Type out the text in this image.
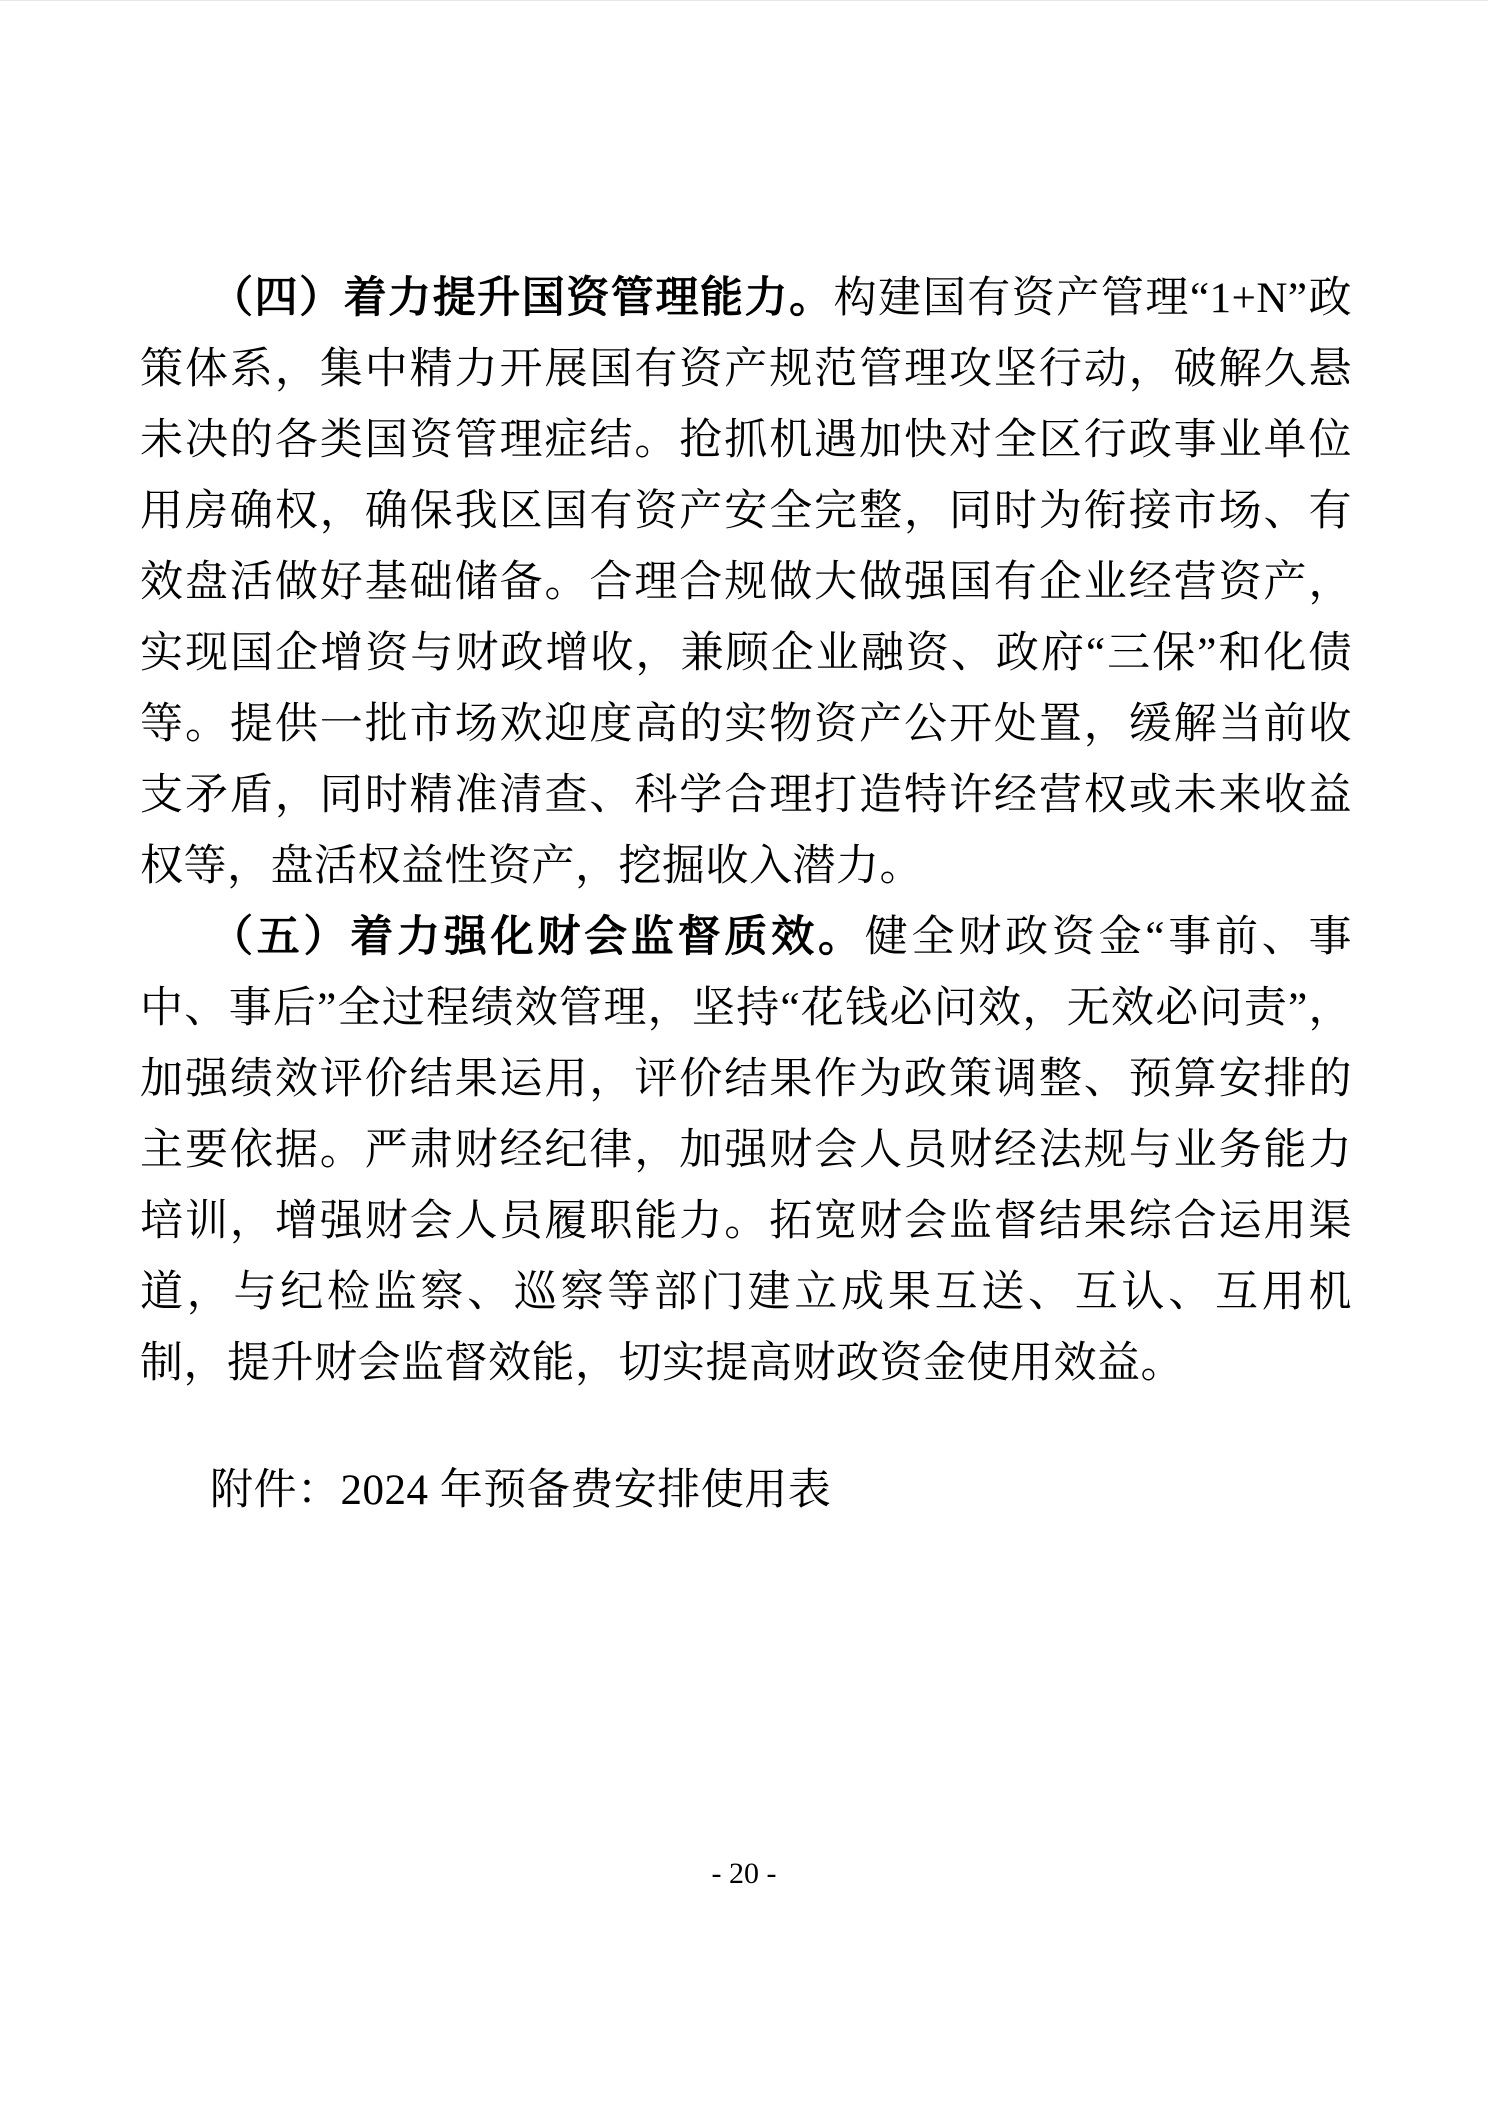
（四）着力提升国资管理能力。构建国有资产管理“1+N”政策体系，集中精力开展国有资产规范管理攻坚行动，破解久悬未决的各类国资管理症结。抢抓机遇加快对全区行政事业单位用房确权，确保我区国有资产安全完整，同时为衔接市场、有效盘活做好基础储备。合理合规做大做强国有企业经营资产，实现国企增资与财政增收，兼顾企业融资、政府“三保”和化债等。提供一批市场欢迎度高的实物资产公开处置，缓解当前收支矛盾，同时精准清查、科学合理打造特许经营权或未来收益权等，盘活权益性资产，挖掘收入潜力。

（五）着力强化财会监督质效。健全财政资金“事前、事中、事后”全过程绩效管理，坚持“花钱必问效，无效必问责”，加强绩效评价结果运用，评价结果作为政策调整、预算安排的主要依据。严肃财经纪律，加强财会人员财经法规与业务能力培训，增强财会人员履职能力。拓宽财会监督结果综合运用渠道，与纪检监察、巡察等部门建立成果互送、互认、互用机制，提升财会监督效能，切实提高财政资金使用效益。

附件：2024 年预备费安排使用表

- 20 -
